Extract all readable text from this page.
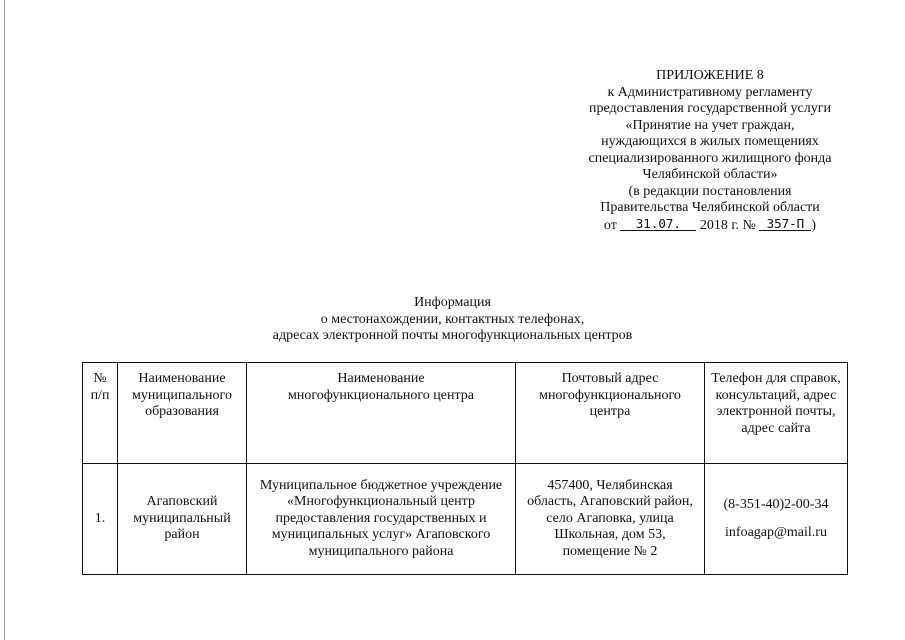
ПРИЛОЖЕНИЕ 8
к Административному регламенту
предоставления государственной услуги
«Принятие на учет граждан,
нуждающихся в жилых помещениях
специализированного жилищного фонда
Челябинской области»
(в редакции постановления
Правительства Челябинской области
от 31.07. 2018 г. № 357-П )
Информация
о местонахождении, контактных телефонах,
адресах электронной почты многофункциональных центров
№
п/п	Наименование
муниципального
образования	Наименование
многофункционального центра	Почтовый адрес
многофункционального
центра	Телефон для справок,
консультаций, адрес
электронной почты,
адрес сайта

1.	Агаповский
муниципальный
район	Муниципальное бюджетное учреждение
«Многофункциональный центр
предоставления государственных и
муниципальных услуг» Агаповского
муниципального района	457400, Челябинская
область, Агаповский район,
село Агаповка, улица
Школьная, дом 53,
помещение № 2	(8-351-40)2-00-34
infoagap@mail.ru
